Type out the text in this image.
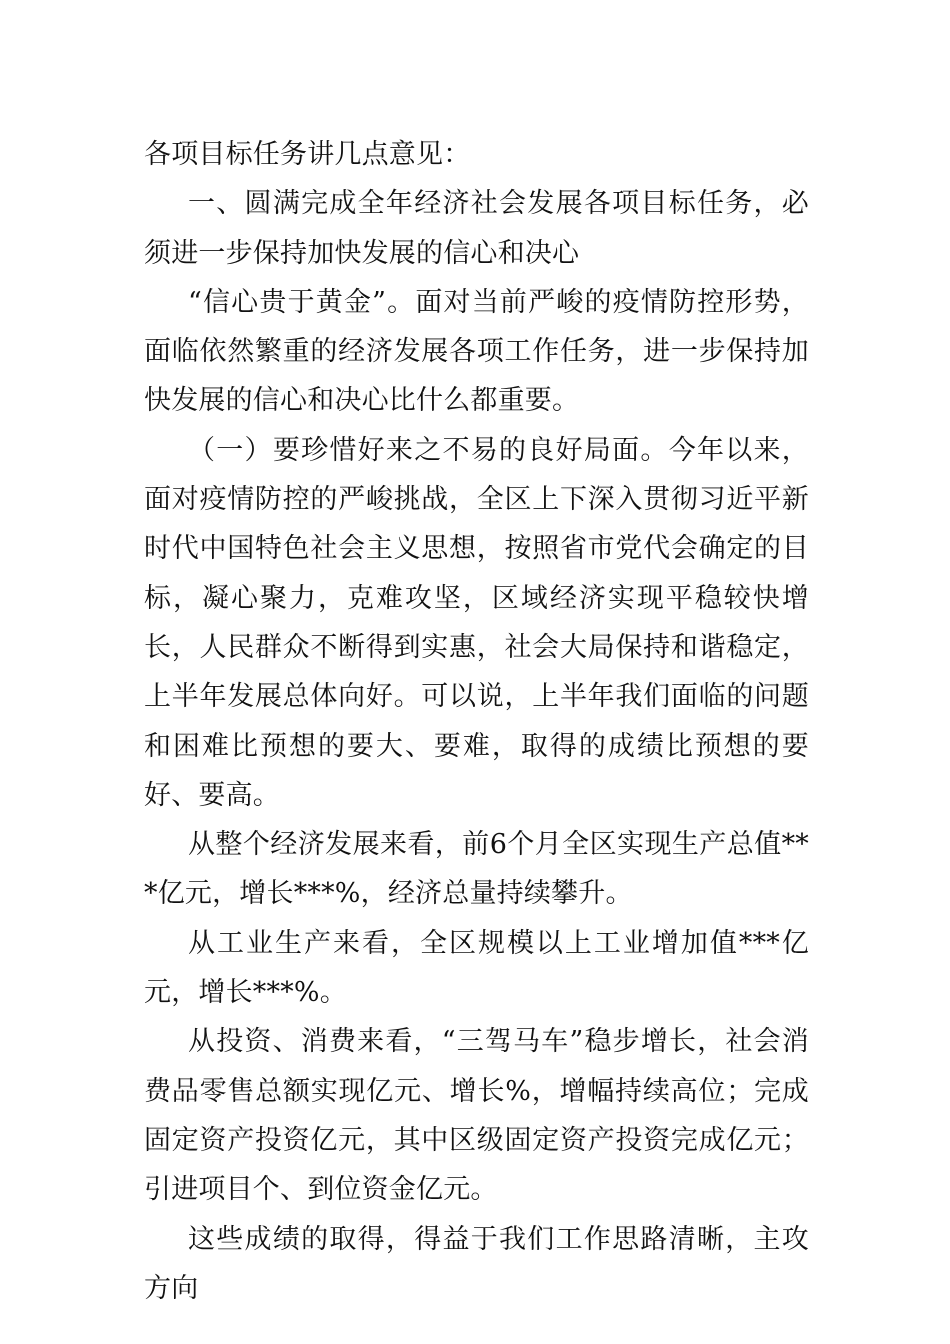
各项目标任务讲几点意见：

一、圆满完成全年经济社会发展各项目标任务，必须进一步保持加快发展的信心和决心

“信心贵于黄金”。面对当前严峻的疫情防控形势，面临依然繁重的经济发展各项工作任务，进一步保持加快发展的信心和决心比什么都重要。

（一）要珍惜好来之不易的良好局面。今年以来，面对疫情防控的严峻挑战，全区上下深入贯彻习近平新时代中国特色社会主义思想，按照省市党代会确定的目标，凝心聚力，克难攻坚，区域经济实现平稳较快增长，人民群众不断得到实惠，社会大局保持和谐稳定，上半年发展总体向好。可以说，上半年我们面临的问题和困难比预想的要大、要难，取得的成绩比预想的要好、要高。

从整个经济发展来看，前6个月全区实现生产总值***亿元，增长***%，经济总量持续攀升。

从工业生产来看，全区规模以上工业增加值***亿元，增长***%。

从投资、消费来看，“三驾马车”稳步增长，社会消费品零售总额实现亿元、增长%，增幅持续高位；完成固定资产投资亿元，其中区级固定资产投资完成亿元；引进项目个、到位资金亿元。

这些成绩的取得，得益于我们工作思路清晰，主攻方向
